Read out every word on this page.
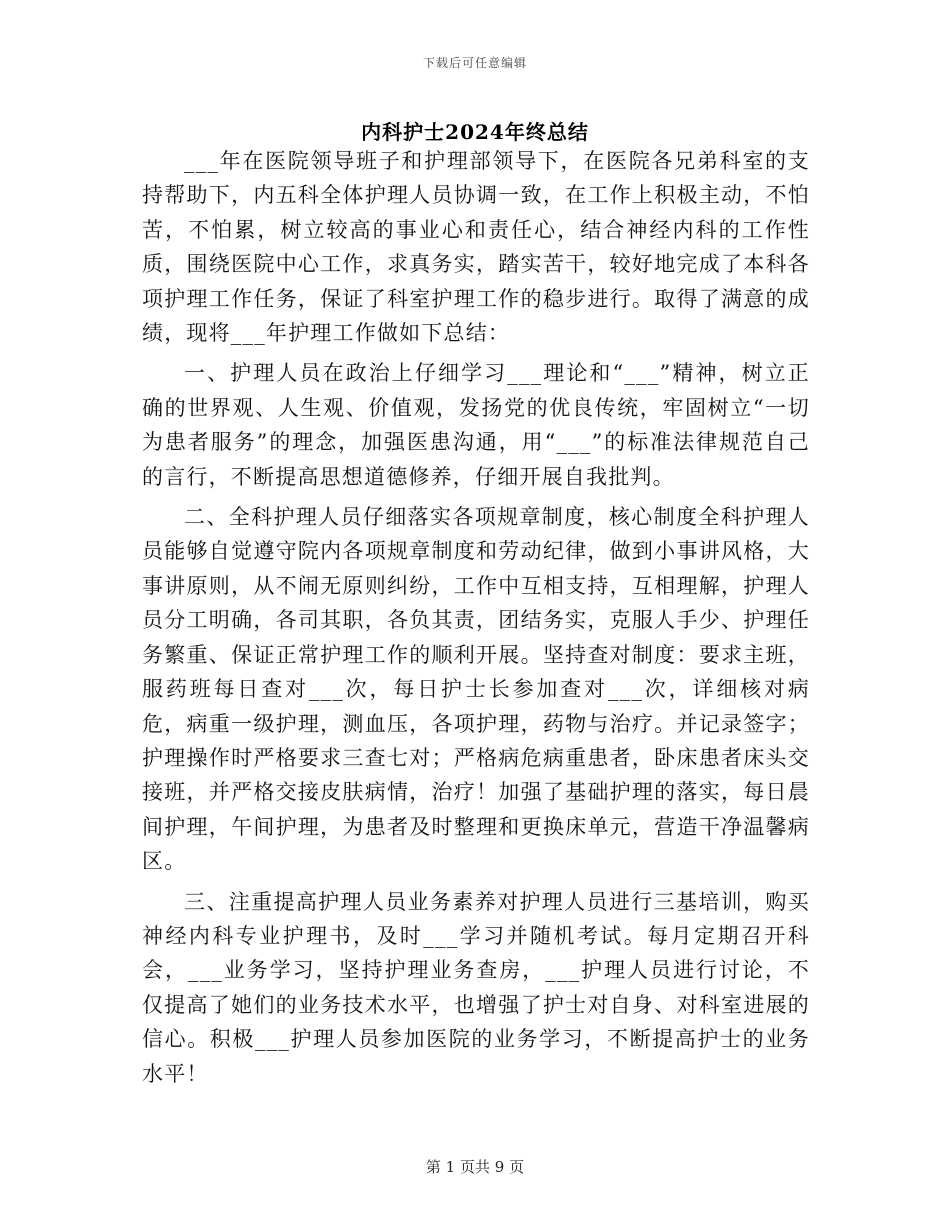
下载后可任意编辑
内科护士2024年终总结

___年在医院领导班子和护理部领导下，在医院各兄弟科室的支持帮助下，内五科全体护理人员协调一致，在工作上积极主动，不怕苦，不怕累，树立较高的事业心和责任心，结合神经内科的工作性质，围绕医院中心工作，求真务实，踏实苦干，较好地完成了本科各项护理工作任务，保证了科室护理工作的稳步进行。取得了满意的成绩，现将___年护理工作做如下总结：

一、护理人员在政治上仔细学习___理论和“___”精神，树立正确的世界观、人生观、价值观，发扬党的优良传统，牢固树立“一切为患者服务”的理念，加强医患沟通，用“___”的标准法律规范自己的言行，不断提高思想道德修养，仔细开展自我批判。

二、全科护理人员仔细落实各项规章制度，核心制度全科护理人员能够自觉遵守院内各项规章制度和劳动纪律，做到小事讲风格，大事讲原则，从不闹无原则纠纷，工作中互相支持，互相理解，护理人员分工明确，各司其职，各负其责，团结务实，克服人手少、护理任务繁重、保证正常护理工作的顺利开展。坚持查对制度：要求主班，服药班每日查对___次，每日护士长参加查对___次，详细核对病危，病重一级护理，测血压，各项护理，药物与治疗。并记录签字；护理操作时严格要求三查七对；严格病危病重患者，卧床患者床头交接班，并严格交接皮肤病情，治疗！加强了基础护理的落实，每日晨间护理，午间护理，为患者及时整理和更换床单元，营造干净温馨病区。

三、注重提高护理人员业务素养对护理人员进行三基培训，购买神经内科专业护理书，及时___学习并随机考试。每月定期召开科会，___业务学习，坚持护理业务查房，___护理人员进行讨论，不仅提高了她们的业务技术水平，也增强了护士对自身、对科室进展的信心。积极___护理人员参加医院的业务学习，不断提高护士的业务水平！

第 1 页共 9 页
